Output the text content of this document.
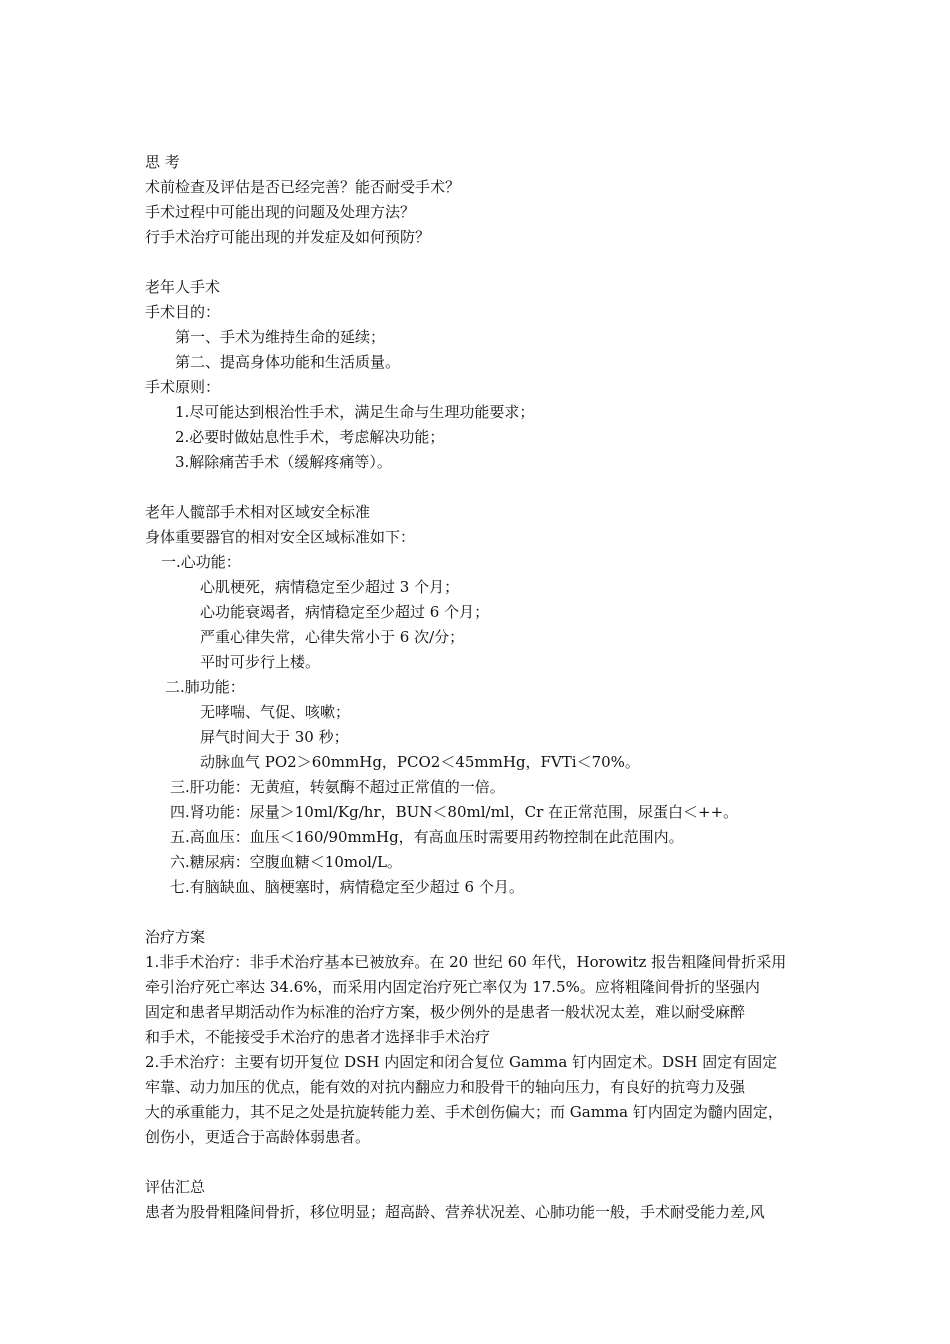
思 考

术前检查及评估是否已经完善？能否耐受手术？

手术过程中可能出现的问题及处理方法？

行手术治疗可能出现的并发症及如何预防？

老年人手术

手术目的：

第一、手术为维持生命的延续；

第二、提高身体功能和生活质量。

手术原则：

1.尽可能达到根治性手术，满足生命与生理功能要求；

2.必要时做姑息性手术，考虑解决功能；

3.解除痛苦手术（缓解疼痛等）。

老年人髋部手术相对区域安全标准

身体重要器官的相对安全区域标准如下：

一.心功能：

心肌梗死，病情稳定至少超过 3 个月；

心功能衰竭者，病情稳定至少超过 6 个月；

严重心律失常，心律失常小于 6 次/分；

平时可步行上楼。

二.肺功能：

无哮喘、气促、咳嗽；

屏气时间大于 30 秒；

动脉血气 PO2＞60mmHg，PCO2＜45mmHg，FVTi＜70%。

三.肝功能：无黄疸，转氨酶不超过正常值的一倍。

四.肾功能：尿量＞10ml/Kg/hr，BUN＜80ml/ml，Cr 在正常范围，尿蛋白＜++。

五.高血压：血压＜160/90mmHg，有高血压时需要用药物控制在此范围内。

六.糖尿病：空腹血糖＜10mol/L。

七.有脑缺血、脑梗塞时，病情稳定至少超过 6 个月。

治疗方案

1.非手术治疗：非手术治疗基本已被放弃。在 20 世纪 60 年代，Horowitz 报告粗隆间骨折采用

牵引治疗死亡率达 34.6%，而采用内固定治疗死亡率仅为 17.5%。应将粗隆间骨折的坚强内

固定和患者早期活动作为标准的治疗方案，极少例外的是患者一般状况太差，难以耐受麻醉

和手术，不能接受手术治疗的患者才选择非手术治疗

2.手术治疗：主要有切开复位 DSH 内固定和闭合复位 Gamma 钉内固定术。DSH 固定有固定

牢靠、动力加压的优点，能有效的对抗内翻应力和股骨干的轴向压力，有良好的抗弯力及强

大的承重能力，其不足之处是抗旋转能力差、手术创伤偏大；而 Gamma 钉内固定为髓内固定，

创伤小，更适合于高龄体弱患者。

评估汇总

患者为股骨粗隆间骨折，移位明显；超高龄、营养状况差、心肺功能一般，手术耐受能力差,风
